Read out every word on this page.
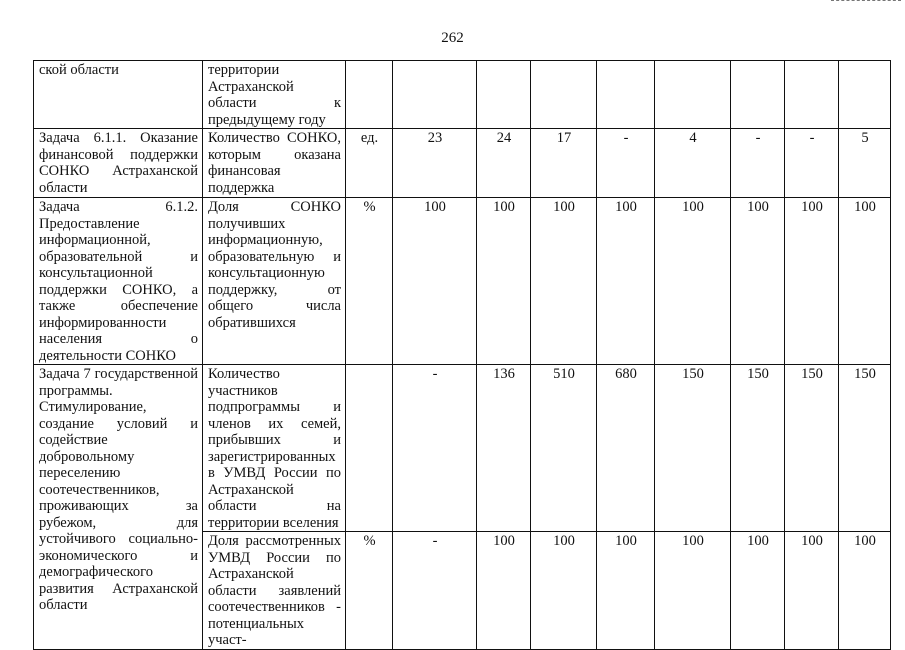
262
ской области	территории Астраханской области к предыдущему году									
Задача 6.1.1. Оказание финансовой поддержки СОНКО Астраханской области	Количество СОНКО, которым оказана финансовая поддержка	ед.	23	24	17	-	4	-	-	5
Задача 6.1.2. Предоставление информационной, образовательной и консультационной поддержки СОНКО, а также обеспечение информированности населения о деятельности СОНКО	Доля СОНКО получивших информационную, образовательную и консультационную поддержку, от общего числа обратившихся	%	100	100	100	100	100	100	100	100
Задача 7 государственной программы. Стимулирование, создание условий и содействие добровольному переселению соотечественников, проживающих за рубежом, для устойчивого социально-экономического и демографического развития Астраханской области	Количество участников подпрограммы и членов их семей, прибывших и зарегистрированных в УМВД России по Астраханской области на территории вселения		-	136	510	680	150	150	150	150
	Доля рассмотренных УМВД России по Астраханской области заявлений соотечественников - потенциальных участ-	%	-	100	100	100	100	100	100	100
